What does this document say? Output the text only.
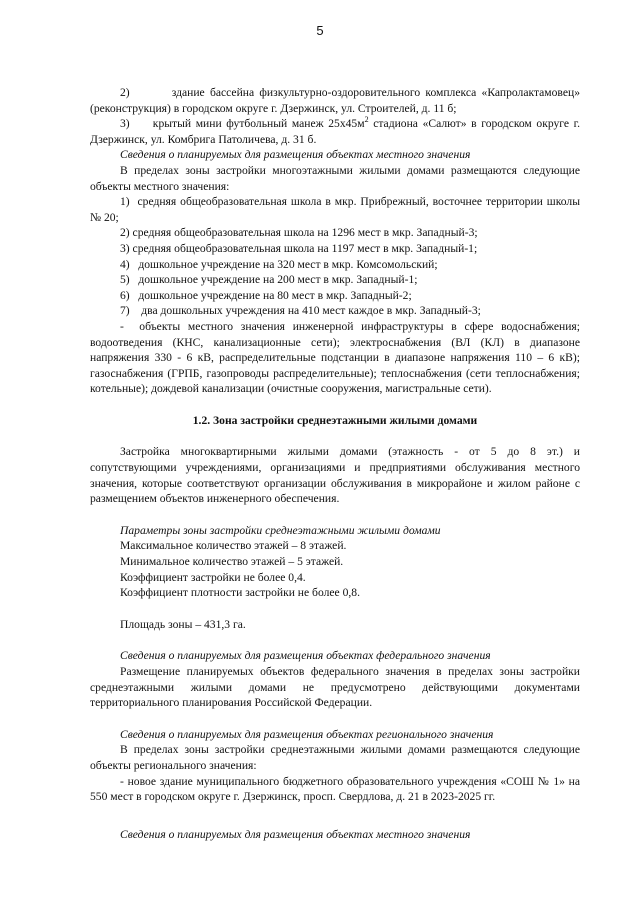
5

2)        здание бассейна физкультурно-оздоровительного комплекса «Капролактамовец» (реконструкция) в городском округе г. Дзержинск, ул. Строителей, д. 11 б;

3)     крытый мини футбольный манеж $25х45м^2$ стадиона «Салют» в городском округе г. Дзержинск, ул. Комбрига Патоличева, д. 31 б.

Сведения о планируемых для размещения объектах местного значения

В пределах зоны застройки многоэтажными жилыми домами размещаются следующие объекты местного значения:

1)  средняя общеобразовательная школа в мкр. Прибрежный, восточнее территории школы № 20;

2) средняя общеобразовательная школа на 1296 мест в мкр. Западный-3;

3) средняя общеобразовательная школа на 1197 мест в мкр. Западный-1;

4)   дошкольное учреждение на 320 мест в мкр. Комсомольский;

5)   дошкольное учреждение на 200 мест в мкр. Западный-1;

6)   дошкольное учреждение на 80 мест в мкр. Западный-2;

7)    два дошкольных учреждения на 410 мест каждое в мкр. Западный-3;

-  объекты местного значения инженерной инфраструктуры в сфере водоснабжения; водоотведения (КНС, канализационные сети); электроснабжения (ВЛ (КЛ) в диапазоне напряжения 330 - 6 кВ, распределительные подстанции в диапазоне напряжения 110 – 6 кВ); газоснабжения (ГРПБ, газопроводы распределительные); теплоснабжения (сети теплоснабжения; котельные); дождевой канализации (очистные сооружения, магистральные сети).

1.2. Зона застройки среднеэтажными жилыми домами

Застройка многоквартирными жилыми домами (этажность - от 5 до 8 эт.) и сопутствующими учреждениями, организациями и предприятиями обслуживания местного значения, которые соответствуют организации обслуживания в микрорайоне и жилом районе с размещением объектов инженерного обеспечения.

Параметры зоны застройки среднеэтажными жилыми домами

Максимальное количество этажей – 8 этажей.

Минимальное количество этажей – 5 этажей.

Коэффициент застройки не более 0,4.

Коэффициент плотности застройки не более 0,8.

Площадь зоны – 431,3 га.

Сведения о планируемых для размещения объектах федерального значения

Размещение планируемых объектов федерального значения в пределах зоны застройки среднеэтажными жилыми домами не предусмотрено действующими документами территориального планирования Российской Федерации.

Сведения о планируемых для размещения объектах регионального значения

В пределах зоны застройки среднеэтажными жилыми домами размещаются следующие объекты регионального значения:

- новое здание муниципального бюджетного образовательного учреждения «СОШ № 1» на 550 мест в городском округе г. Дзержинск, просп. Свердлова, д. 21 в 2023-2025 гг.

Сведения о планируемых для размещения объектах местного значения
